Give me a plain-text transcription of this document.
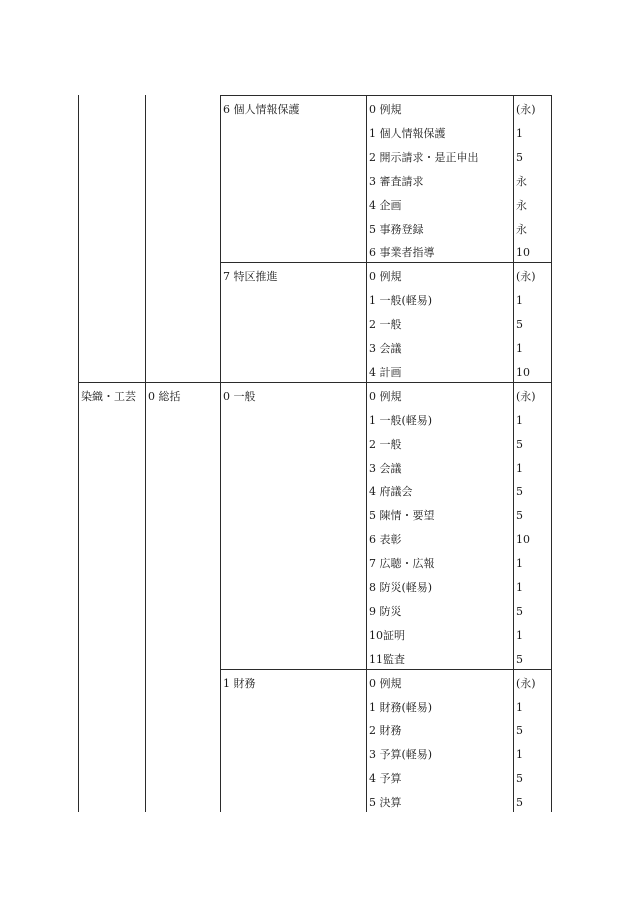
6 個人情報保護	0 例規	(永)
1 個人情報保護	1
2 開示請求・是正申出	5
3 審査請求	永
4 企画	永
5 事務登録	永
6 事業者指導	10
7 特区推進	0 例規	(永)
1 一般(軽易)	1
2 一般	5
3 会議	1
4 計画	10
染織・工芸 0 総括	0 一般	0 例規	(永)
1 一般(軽易)	1
2 一般	5
3 会議	1
4 府議会	5
5 陳情・要望	5
6 表彰	10
7 広聴・広報	1
8 防災(軽易)	1
9 防災	5
10証明	1
11監査	5
1 財務	0 例規	(永)
1 財務(軽易)	1
2 財務	5
3 予算(軽易)	1
4 予算	5
5 決算	5
